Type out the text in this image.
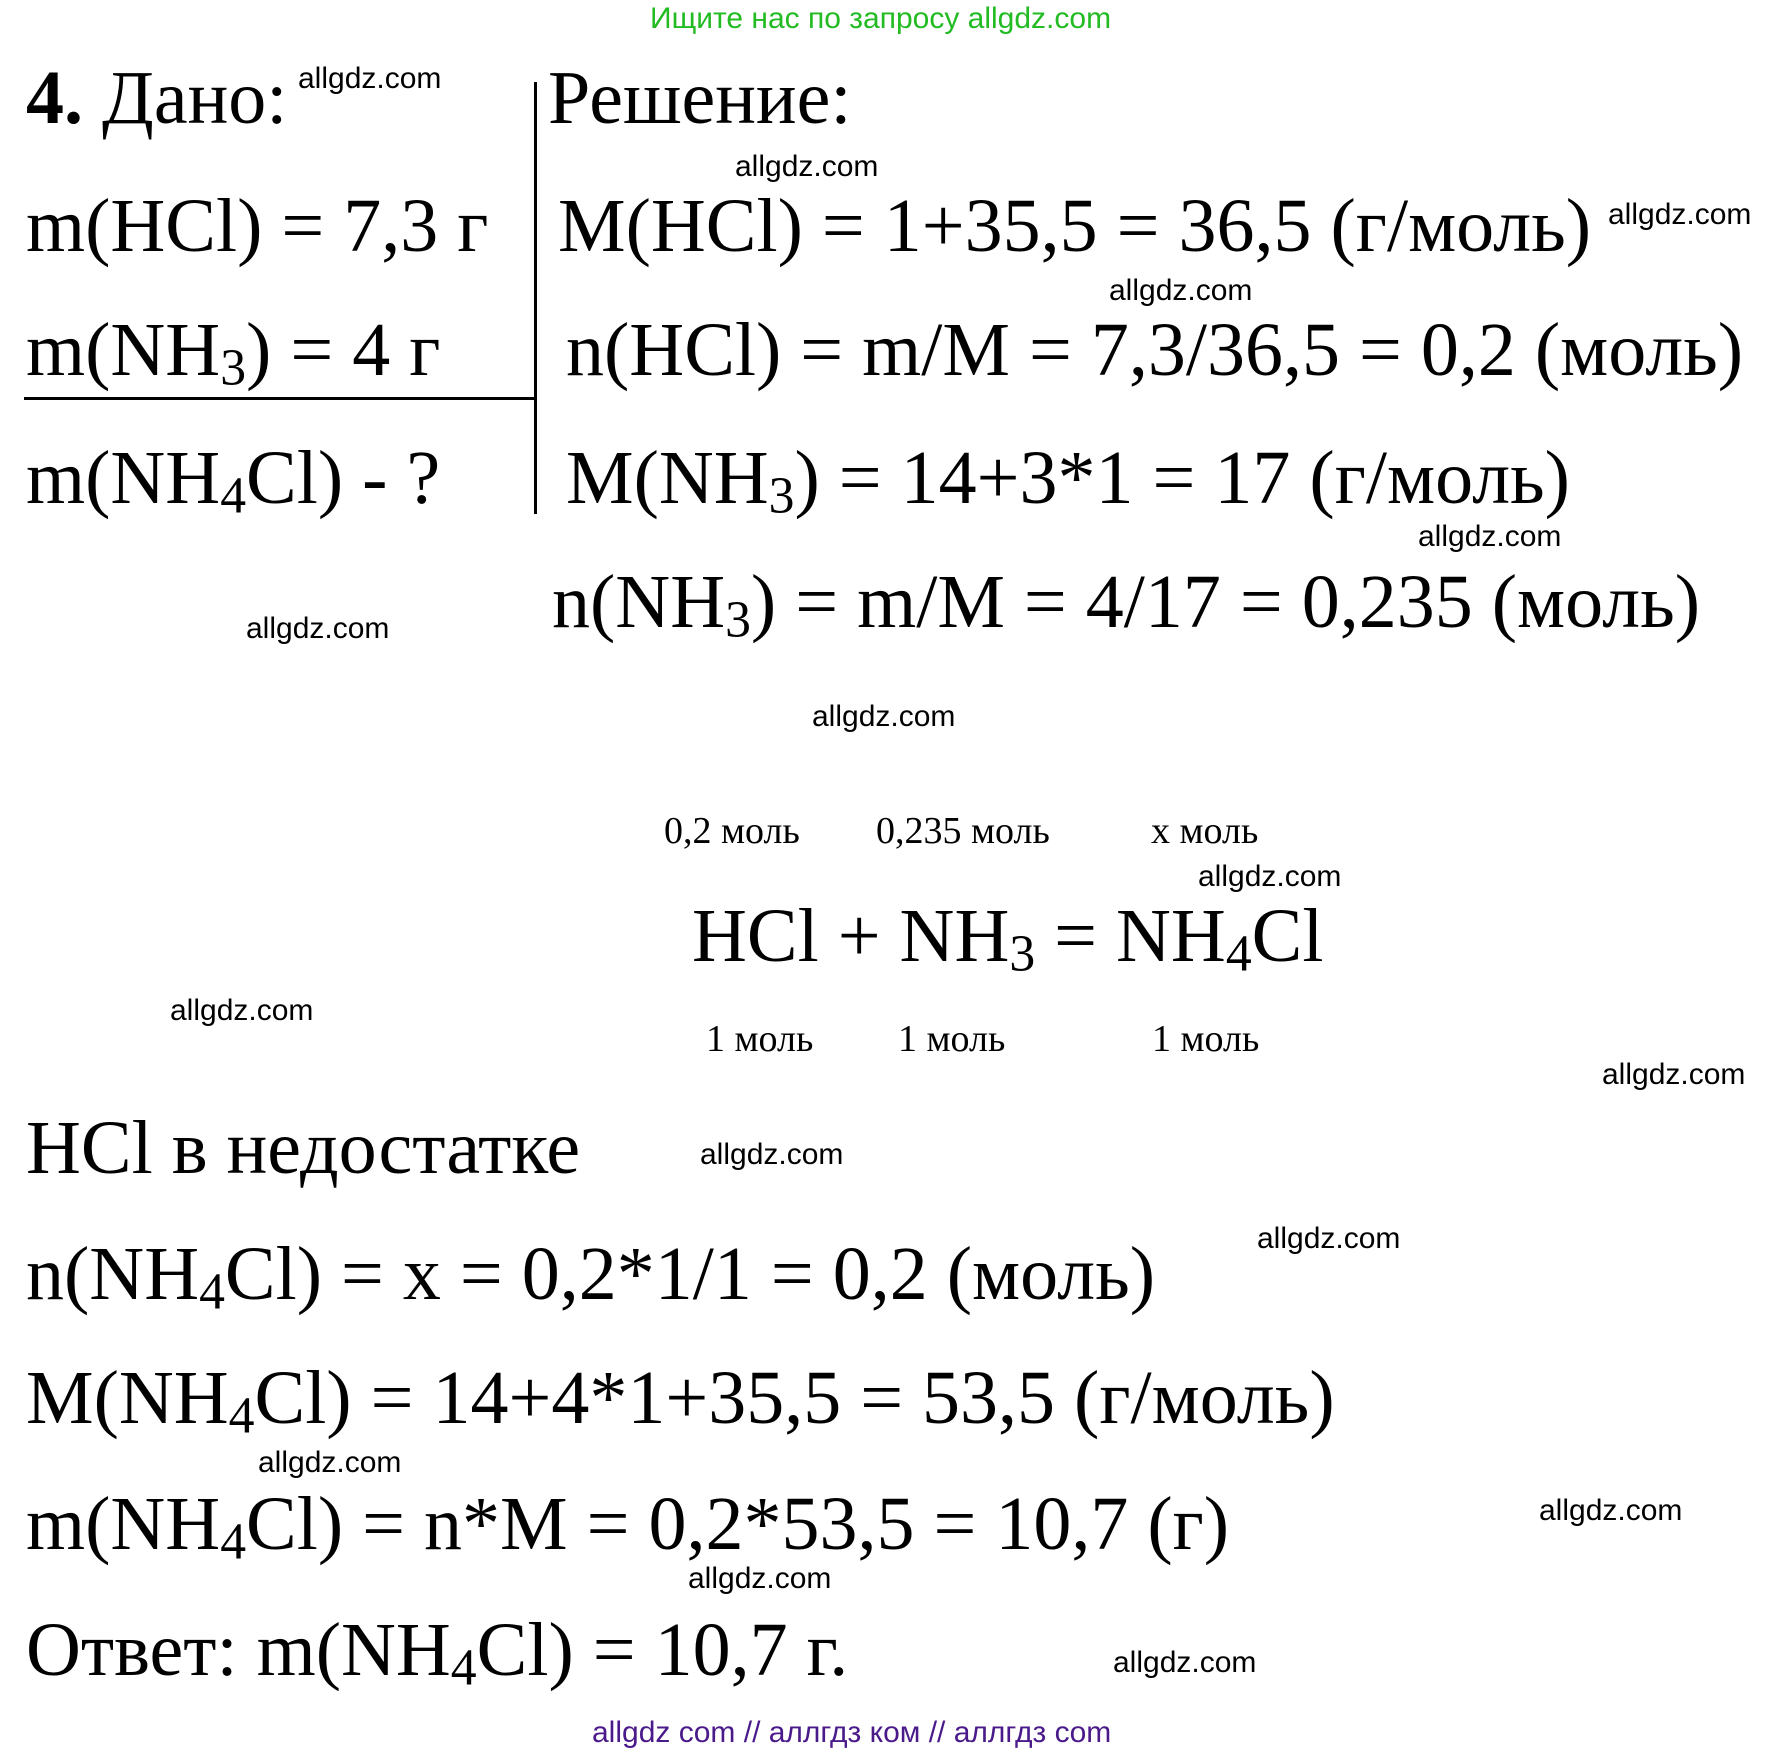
Ищите нас по запросу allgdz.com
4. Дано:
m(HCl) = 7,3 г
m(NH3) = 4 г
m(NH4Cl) - ?
Решение:
M(HCl) = 1+35,5 = 36,5 (г/моль)
n(HCl) = m/M = 7,3/36,5 = 0,2 (моль)
M(NH3) = 14+3*1 = 17 (г/моль)
n(NH3) = m/M = 4/17 = 0,235 (моль)
0,2 моль 0,235 моль	x моль
HCl + NH3 = NH4Cl
1 моль 1 моль	1 моль
HCl в недостатке
n(NH4Cl) = x = 0,2*1/1 = 0,2 (моль)
M(NH4Cl) = 14+4*1+35,5 = 53,5 (г/моль)
m(NH4Cl) = n*M = 0,2*53,5 = 10,7 (г)
Ответ: m(NH4Cl) = 10,7 г.
allgdz.com
allgdz.com
allgdz.com
allgdz.com
allgdz.com
allgdz.com
allgdz.com
allgdz.com
allgdz.com
allgdz.com
allgdz.com
allgdz.com
allgdz.com
allgdz.com
allgdz.com
allgdz.com
allgdz com // аллгдз ком // аллгдз com
